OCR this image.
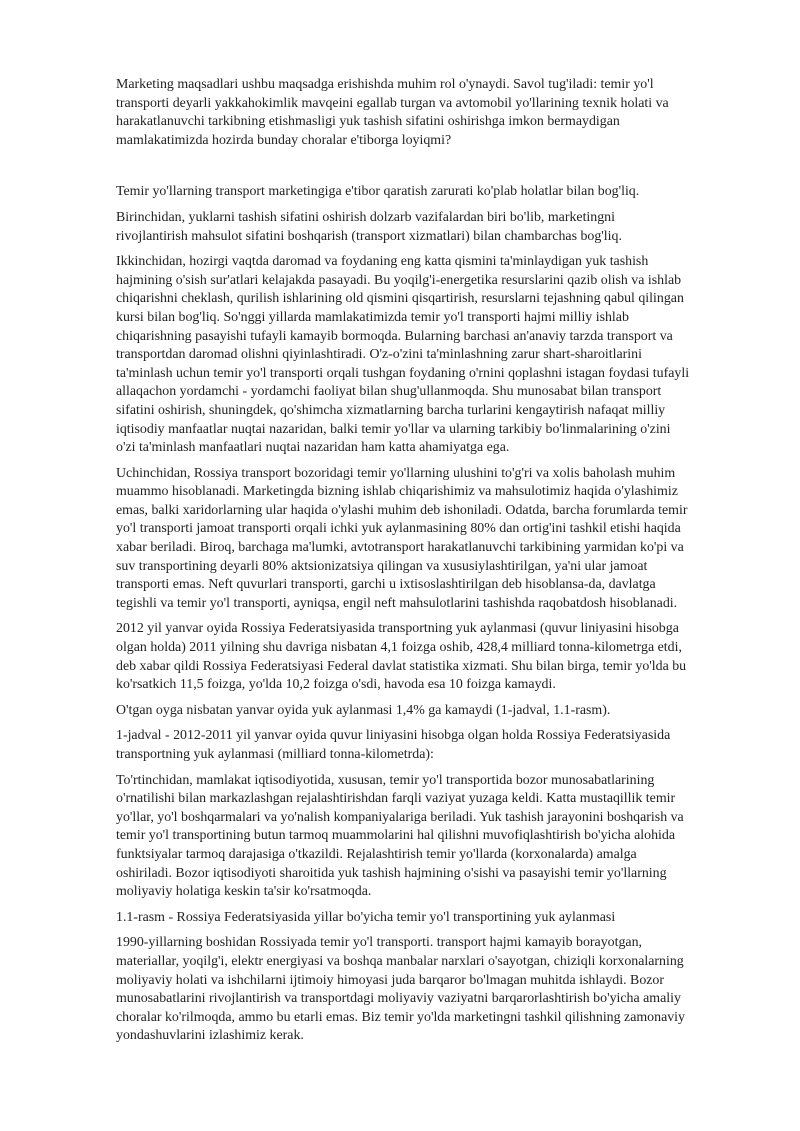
Marketing maqsadlari ushbu maqsadga erishishda muhim rol o'ynaydi. Savol tug'iladi: temir yo'l transporti deyarli yakkahokimlik mavqeini egallab turgan va avtomobil yo'llarining texnik holati va harakatlanuvchi tarkibning etishmasligi yuk tashish sifatini oshirishga imkon bermaydigan mamlakatimizda hozirda bunday choralar e'tiborga loyiqmi?

Temir yo'llarning transport marketingiga e'tibor qaratish zarurati ko'plab holatlar bilan bog'liq.

Birinchidan, yuklarni tashish sifatini oshirish dolzarb vazifalardan biri bo'lib, marketingni rivojlantirish mahsulot sifatini boshqarish (transport xizmatlari) bilan chambarchas bog'liq.

Ikkinchidan, hozirgi vaqtda daromad va foydaning eng katta qismini ta'minlaydigan yuk tashish hajmining o'sish sur'atlari kelajakda pasayadi. Bu yoqilg'i-energetika resurslarini qazib olish va ishlab chiqarishni cheklash, qurilish ishlarining old qismini qisqartirish, resurslarni tejashning qabul qilingan kursi bilan bog'liq. So'nggi yillarda mamlakatimizda temir yo'l transporti hajmi milliy ishlab chiqarishning pasayishi tufayli kamayib bormoqda. Bularning barchasi an'anaviy tarzda transport va transportdan daromad olishni qiyinlashtiradi. O'z-o'zini ta'minlashning zarur shart-sharoitlarini ta'minlash uchun temir yo'l transporti orqali tushgan foydaning o'rnini qoplashni istagan foydasi tufayli allaqachon yordamchi - yordamchi faoliyat bilan shug'ullanmoqda. Shu munosabat bilan transport sifatini oshirish, shuningdek, qo'shimcha xizmatlarning barcha turlarini kengaytirish nafaqat milliy iqtisodiy manfaatlar nuqtai nazaridan, balki temir yo'llar va ularning tarkibiy bo'linmalarining o'zini o'zi ta'minlash manfaatlari nuqtai nazaridan ham katta ahamiyatga ega.

Uchinchidan, Rossiya transport bozoridagi temir yo'llarning ulushini to'g'ri va xolis baholash muhim muammo hisoblanadi. Marketingda bizning ishlab chiqarishimiz va mahsulotimiz haqida o'ylashimiz emas, balki xaridorlarning ular haqida o'ylashi muhim deb ishoniladi. Odatda, barcha forumlarda temir yo'l transporti jamoat transporti orqali ichki yuk aylanmasining 80% dan ortig'ini tashkil etishi haqida xabar beriladi. Biroq, barchaga ma'lumki, avtotransport harakatlanuvchi tarkibining yarmidan ko'pi va suv transportining deyarli 80% aktsionizatsiya qilingan va xususiylashtirilgan, ya'ni ular jamoat transporti emas. Neft quvurlari transporti, garchi u ixtisoslashtirilgan deb hisoblansa-da, davlatga tegishli va temir yo'l transporti, ayniqsa, engil neft mahsulotlarini tashishda raqobatdosh hisoblanadi.

2012 yil yanvar oyida Rossiya Federatsiyasida transportning yuk aylanmasi (quvur liniyasini hisobga olgan holda) 2011 yilning shu davriga nisbatan 4,1 foizga oshib, 428,4 milliard tonna-kilometrga etdi, deb xabar qildi Rossiya Federatsiyasi Federal davlat statistika xizmati. Shu bilan birga, temir yo'lda bu ko'rsatkich 11,5 foizga, yo'lda 10,2 foizga o'sdi, havoda esa 10 foizga kamaydi.

O'tgan oyga nisbatan yanvar oyida yuk aylanmasi 1,4% ga kamaydi (1-jadval, 1.1-rasm).

1-jadval - 2012-2011 yil yanvar oyida quvur liniyasini hisobga olgan holda Rossiya Federatsiyasida transportning yuk aylanmasi (milliard tonna-kilometrda):

To'rtinchidan, mamlakat iqtisodiyotida, xususan, temir yo'l transportida bozor munosabatlarining o'rnatilishi bilan markazlashgan rejalashtirishdan farqli vaziyat yuzaga keldi. Katta mustaqillik temir yo'llar, yo'l boshqarmalari va yo'nalish kompaniyalariga beriladi. Yuk tashish jarayonini boshqarish va temir yo'l transportining butun tarmoq muammolarini hal qilishni muvofiqlashtirish bo'yicha alohida funktsiyalar tarmoq darajasiga o'tkazildi. Rejalashtirish temir yo'llarda (korxonalarda) amalga oshiriladi. Bozor iqtisodiyoti sharoitida yuk tashish hajmining o'sishi va pasayishi temir yo'llarning moliyaviy holatiga keskin ta'sir ko'rsatmoqda.

1.1-rasm - Rossiya Federatsiyasida yillar bo'yicha temir yo'l transportining yuk aylanmasi

1990-yillarning boshidan Rossiyada temir yo'l transporti. transport hajmi kamayib borayotgan, materiallar, yoqilg'i, elektr energiyasi va boshqa manbalar narxlari o'sayotgan, chiziqli korxonalarning moliyaviy holati va ishchilarni ijtimoiy himoyasi juda barqaror bo'lmagan muhitda ishlaydi. Bozor munosabatlarini rivojlantirish va transportdagi moliyaviy vaziyatni barqarorlashtirish bo'yicha amaliy choralar ko'rilmoqda, ammo bu etarli emas. Biz temir yo'lda marketingni tashkil qilishning zamonaviy yondashuvlarini izlashimiz kerak.
